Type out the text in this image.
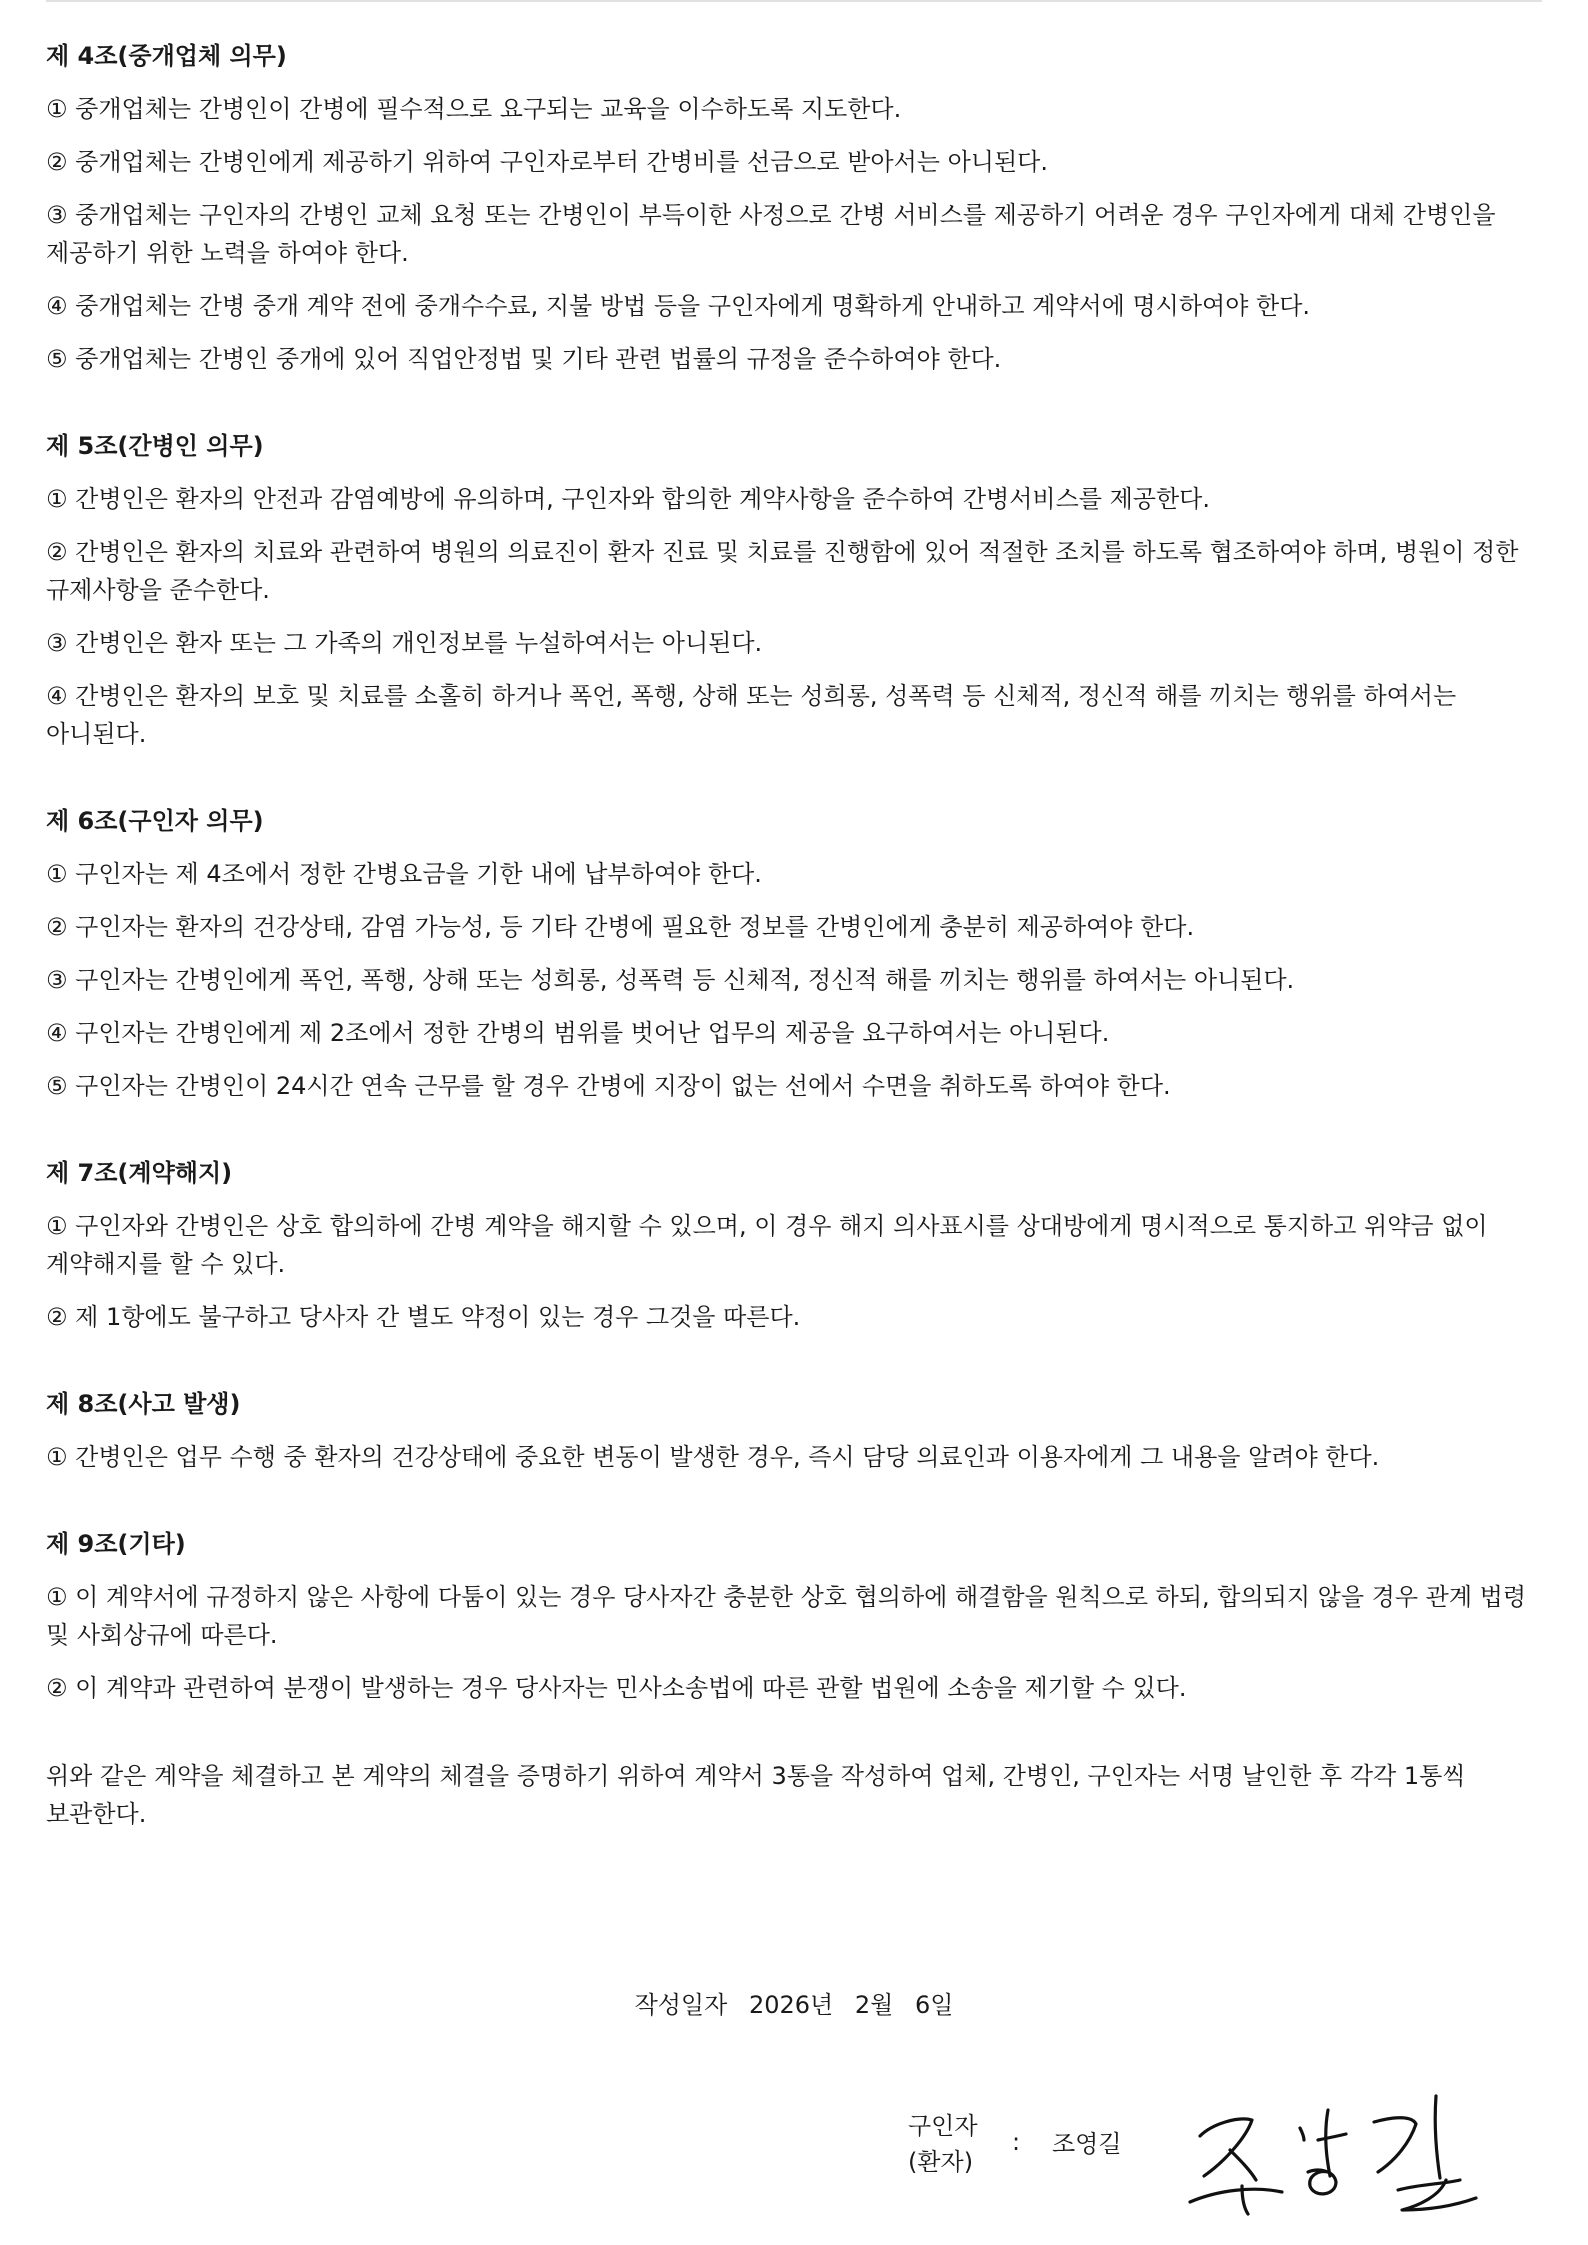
제 4조(중개업체 의무)

① 중개업체는 간병인이 간병에 필수적으로 요구되는 교육을 이수하도록 지도한다.

② 중개업체는 간병인에게 제공하기 위하여 구인자로부터 간병비를 선금으로 받아서는 아니된다.

③ 중개업체는 구인자의 간병인 교체 요청 또는 간병인이 부득이한 사정으로 간병 서비스를 제공하기 어려운 경우 구인자에게 대체 간병인을 제공하기 위한 노력을 하여야 한다.

④ 중개업체는 간병 중개 계약 전에 중개수수료, 지불 방법 등을 구인자에게 명확하게 안내하고 계약서에 명시하여야 한다.

⑤ 중개업체는 간병인 중개에 있어 직업안정법 및 기타 관련 법률의 규정을 준수하여야 한다.

제 5조(간병인 의무)

① 간병인은 환자의 안전과 감염예방에 유의하며, 구인자와 합의한 계약사항을 준수하여 간병서비스를 제공한다.

② 간병인은 환자의 치료와 관련하여 병원의 의료진이 환자 진료 및 치료를 진행함에 있어 적절한 조치를 하도록 협조하여야 하며, 병원이 정한 규제사항을 준수한다.

③ 간병인은 환자 또는 그 가족의 개인정보를 누설하여서는 아니된다.

④ 간병인은 환자의 보호 및 치료를 소홀히 하거나 폭언, 폭행, 상해 또는 성희롱, 성폭력 등 신체적, 정신적 해를 끼치는 행위를 하여서는 아니된다.

제 6조(구인자 의무)

① 구인자는 제 4조에서 정한 간병요금을 기한 내에 납부하여야 한다.

② 구인자는 환자의 건강상태, 감염 가능성, 등 기타 간병에 필요한 정보를 간병인에게 충분히 제공하여야 한다.

③ 구인자는 간병인에게 폭언, 폭행, 상해 또는 성희롱, 성폭력 등 신체적, 정신적 해를 끼치는 행위를 하여서는 아니된다.

④ 구인자는 간병인에게 제 2조에서 정한 간병의 범위를 벗어난 업무의 제공을 요구하여서는 아니된다.

⑤ 구인자는 간병인이 24시간 연속 근무를 할 경우 간병에 지장이 없는 선에서 수면을 취하도록 하여야 한다.

제 7조(계약해지)

① 구인자와 간병인은 상호 합의하에 간병 계약을 해지할 수 있으며, 이 경우 해지 의사표시를 상대방에게 명시적으로 통지하고 위약금 없이 계약해지를 할 수 있다.

② 제 1항에도 불구하고 당사자 간 별도 약정이 있는 경우 그것을 따른다.

제 8조(사고 발생)

① 간병인은 업무 수행 중 환자의 건강상태에 중요한 변동이 발생한 경우, 즉시 담당 의료인과 이용자에게 그 내용을 알려야 한다.

제 9조(기타)

① 이 계약서에 규정하지 않은 사항에 다툼이 있는 경우 당사자간 충분한 상호 협의하에 해결함을 원칙으로 하되, 합의되지 않을 경우 관계 법령 및 사회상규에 따른다.

② 이 계약과 관련하여 분쟁이 발생하는 경우 당사자는 민사소송법에 따른 관할 법원에 소송을 제기할 수 있다.

위와 같은 계약을 체결하고 본 계약의 체결을 증명하기 위하여 계약서 3통을 작성하여 업체, 간병인, 구인자는 서명 날인한 후 각각 1통씩 보관한다.

작성일자 2026년 2월 6일
구인자
(환자)
: 조영길
